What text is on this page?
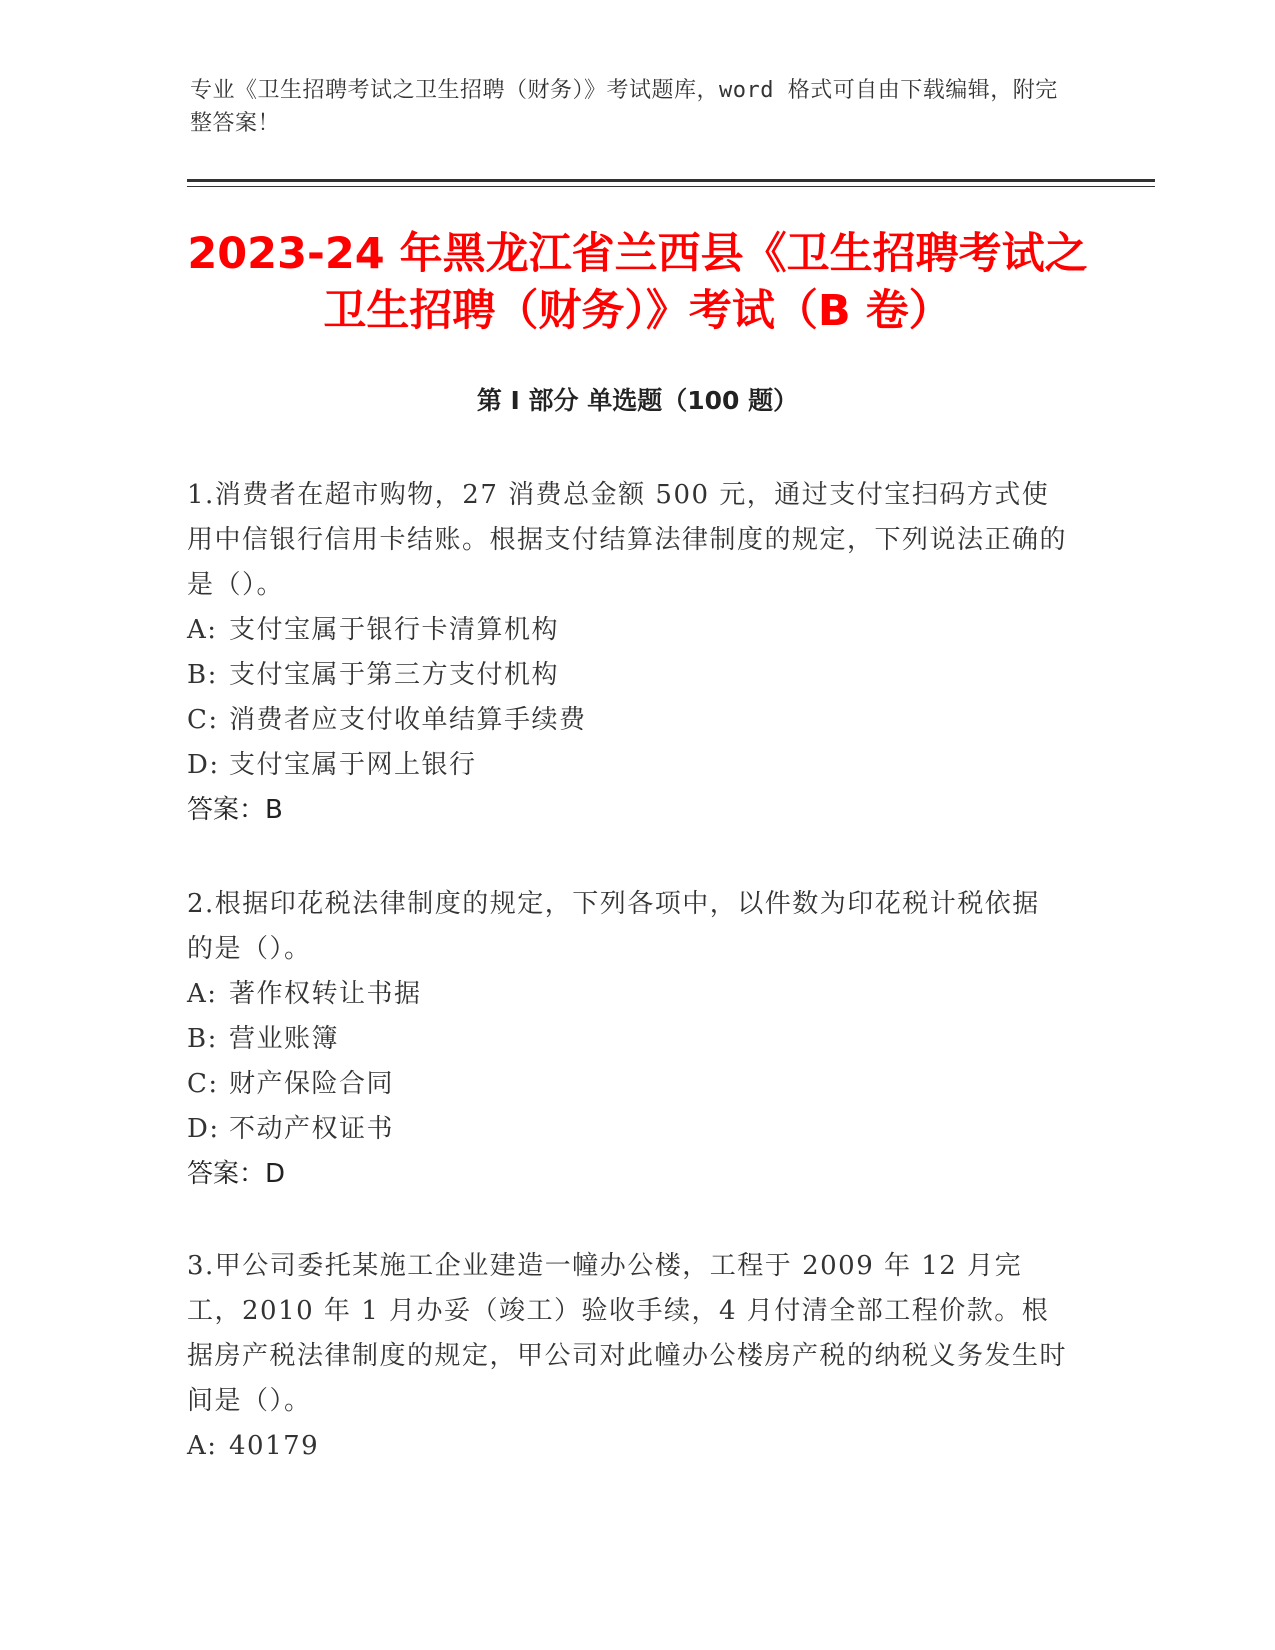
专业《卫生招聘考试之卫生招聘（财务）》考试题库，word 格式可自由下载编辑，附完整答案！
2023-24 年黑龙江省兰西县《卫生招聘考试之卫生招聘（财务）》考试（B 卷）
第 I 部分 单选题（100 题）

1.消费者在超市购物，27 消费总金额 500 元，通过支付宝扫码方式使用中信银行信用卡结账。根据支付结算法律制度的规定，下列说法正确的是（）。

A: 支付宝属于银行卡清算机构

B: 支付宝属于第三方支付机构

C: 消费者应支付收单结算手续费

D: 支付宝属于网上银行

答案：B

2.根据印花税法律制度的规定，下列各项中，以件数为印花税计税依据的是（）。

A: 著作权转让书据

B: 营业账簿

C: 财产保险合同

D: 不动产权证书

答案：D

3.甲公司委托某施工企业建造一幢办公楼，工程于 2009 年 12 月完工，2010 年 1 月办妥（竣工）验收手续，4 月付清全部工程价款。根据房产税法律制度的规定，甲公司对此幢办公楼房产税的纳税义务发生时间是（）。

A: 40179
